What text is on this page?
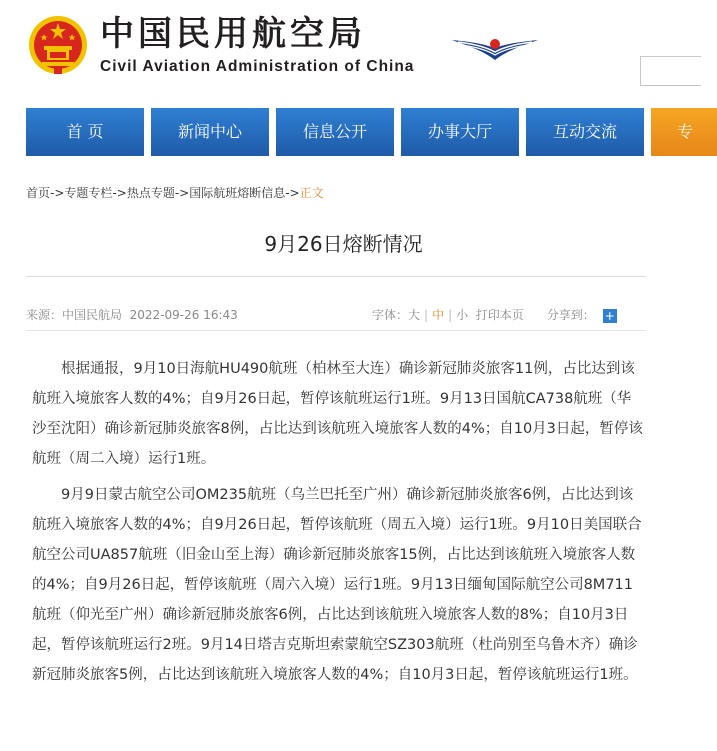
中国民用航空局
Civil Aviation Administration of China
首 页	新闻中心	信息公开	办事大厅	互动交流	专
首页->专题专栏->热点专题->国际航班熔断信息->正文
9月26日熔断情况
来源：中国民航局 2022-09-26 16:43	字体：大 | 中 | 小 打印本页 分享到： +

根据通报，9月10日海航HU490航班（柏林至大连）确诊新冠肺炎旅客11例，占比达到该航班入境旅客人数的4%；自9月26日起，暂停该航班运行1班。9月13日国航CA738航班（华沙至沈阳）确诊新冠肺炎旅客8例，占比达到该航班入境旅客人数的4%；自10月3日起，暂停该航班（周二入境）运行1班。

9月9日蒙古航空公司OM235航班（乌兰巴托至广州）确诊新冠肺炎旅客6例，占比达到该航班入境旅客人数的4%；自9月26日起，暂停该航班（周五入境）运行1班。9月10日美国联合航空公司UA857航班（旧金山至上海）确诊新冠肺炎旅客15例，占比达到该航班入境旅客人数的4%；自9月26日起，暂停该航班（周六入境）运行1班。9月13日缅甸国际航空公司8M711航班（仰光至广州）确诊新冠肺炎旅客6例，占比达到该航班入境旅客人数的8%；自10月3日起，暂停该航班运行2班。9月14日塔吉克斯坦索蒙航空SZ303航班（杜尚别至乌鲁木齐）确诊新冠肺炎旅客5例，占比达到该航班入境旅客人数的4%；自10月3日起，暂停该航班运行1班。
